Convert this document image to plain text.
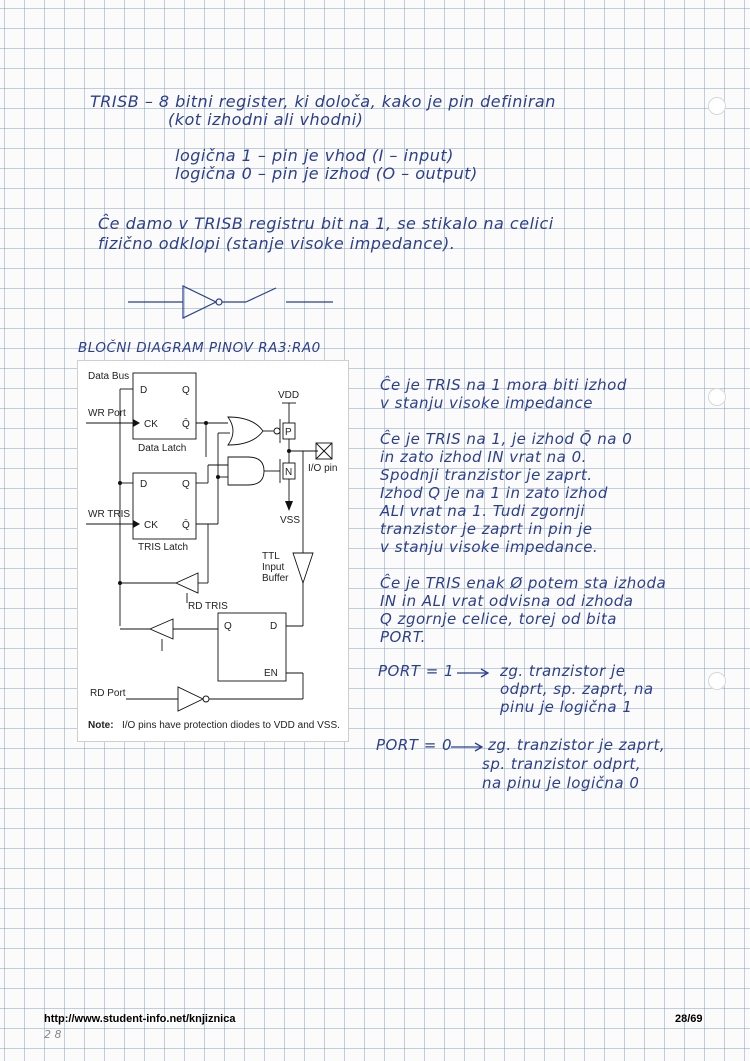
TRISB – 8 bitni register, ki določa, kako je pin definiran
(kot izhodni ali vhodni)
logična 1 – pin je vhod (I – input)
logična 0 – pin je izhod (O – output)
Ĉe damo v TRISB registru bit na 1, se stikalo na celici
fizično odklopi (stanje visoke impedance).
BLOČNI DIAGRAM PINOV RA3:RA0
Ĉe je TRIS na 1 mora biti izhod
v stanju visoke impedance
Ĉe je TRIS na 1, je izhod Q̄ na 0
in zato izhod IN vrat na 0.
Spodnji tranzistor je zaprt.
Izhod Q je na 1 in zato izhod
ALI vrat na 1. Tudi zgornji
tranzistor je zaprt in pin je
v stanju visoke impedance.
Ĉe je TRIS enak Ø potem sta izhoda
IN in ALI vrat odvisna od izhoda
Q zgornje celice, torej od bita
PORT.
PORT = 1	zg. tranzistor je
odprt, sp. zaprt, na
pinu je logična 1
PORT = 0 zg. tranzistor je zaprt,
sp. tranzistor odprt,
na pinu je logična 0
Data Bus
WR Port
WR TRIS
D	Q
CK Q̄
Data Latch
D	Q
CK Q̄
TRIS Latch
VDD
P
N
VSS
I/O pin
TTL
Input
Buffer
RD TRIS
Q	D
EN
RD Port
Note: I/O pins have protection diodes to VDD and VSS.
http://www.student-info.net/knjiznica	28/69
2 8
